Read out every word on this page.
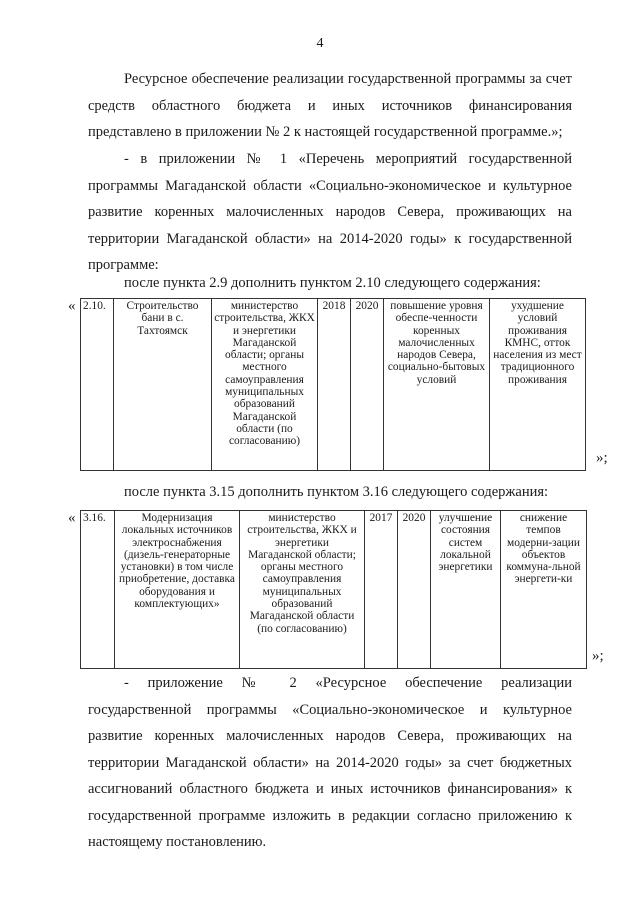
4
Ресурсное обеспечение реализации государственной программы за счет средств областного бюджета и иных источников финансирования представлено в приложении № 2 к настоящей государственной программе.»;
- в приложении № 1 «Перечень мероприятий государственной программы Магаданской области «Социально-экономическое и культурное развитие коренных малочисленных народов Севера, проживающих на территории Магаданской области» на 2014-2020 годы» к государственной программе:
после пункта 2.9 дополнить пунктом 2.10 следующего содержания:
« 2.10.	Строительство бани в с. Тахтоямск	министерство строительства, ЖКХ и энергетики Магаданской области; органы местного самоуправления муниципальных образований Магаданской области (по согласованию)	2018	2020	повышение уровня обеспе-ченности коренных малочисленных народов Севера, социально-бытовых условий	ухудшение условий проживания КМНС, отток населения из мест традиционного проживания
»;
после пункта 3.15 дополнить пунктом 3.16 следующего содержания:
« 3.16.	Модернизация локальных источников электроснабжения (дизель-генераторные установки) в том числе приобретение, доставка оборудования и комплектующих»	министерство строительства, ЖКХ и энергетики Магаданской области; органы местного самоуправления муниципальных образований Магаданской области (по согласованию)	2017	2020	улучшение состояния систем локальной энергетики	снижение темпов модерни-зации объектов коммуна-льной энергети-ки
»;
- приложение № 2 «Ресурсное обеспечение реализации государственной программы «Социально-экономическое и культурное развитие коренных малочисленных народов Севера, проживающих на территории Магаданской области» на 2014-2020 годы» за счет бюджетных ассигнований областного бюджета и иных источников финансирования» к государственной программе изложить в редакции согласно приложению к настоящему постановлению.
